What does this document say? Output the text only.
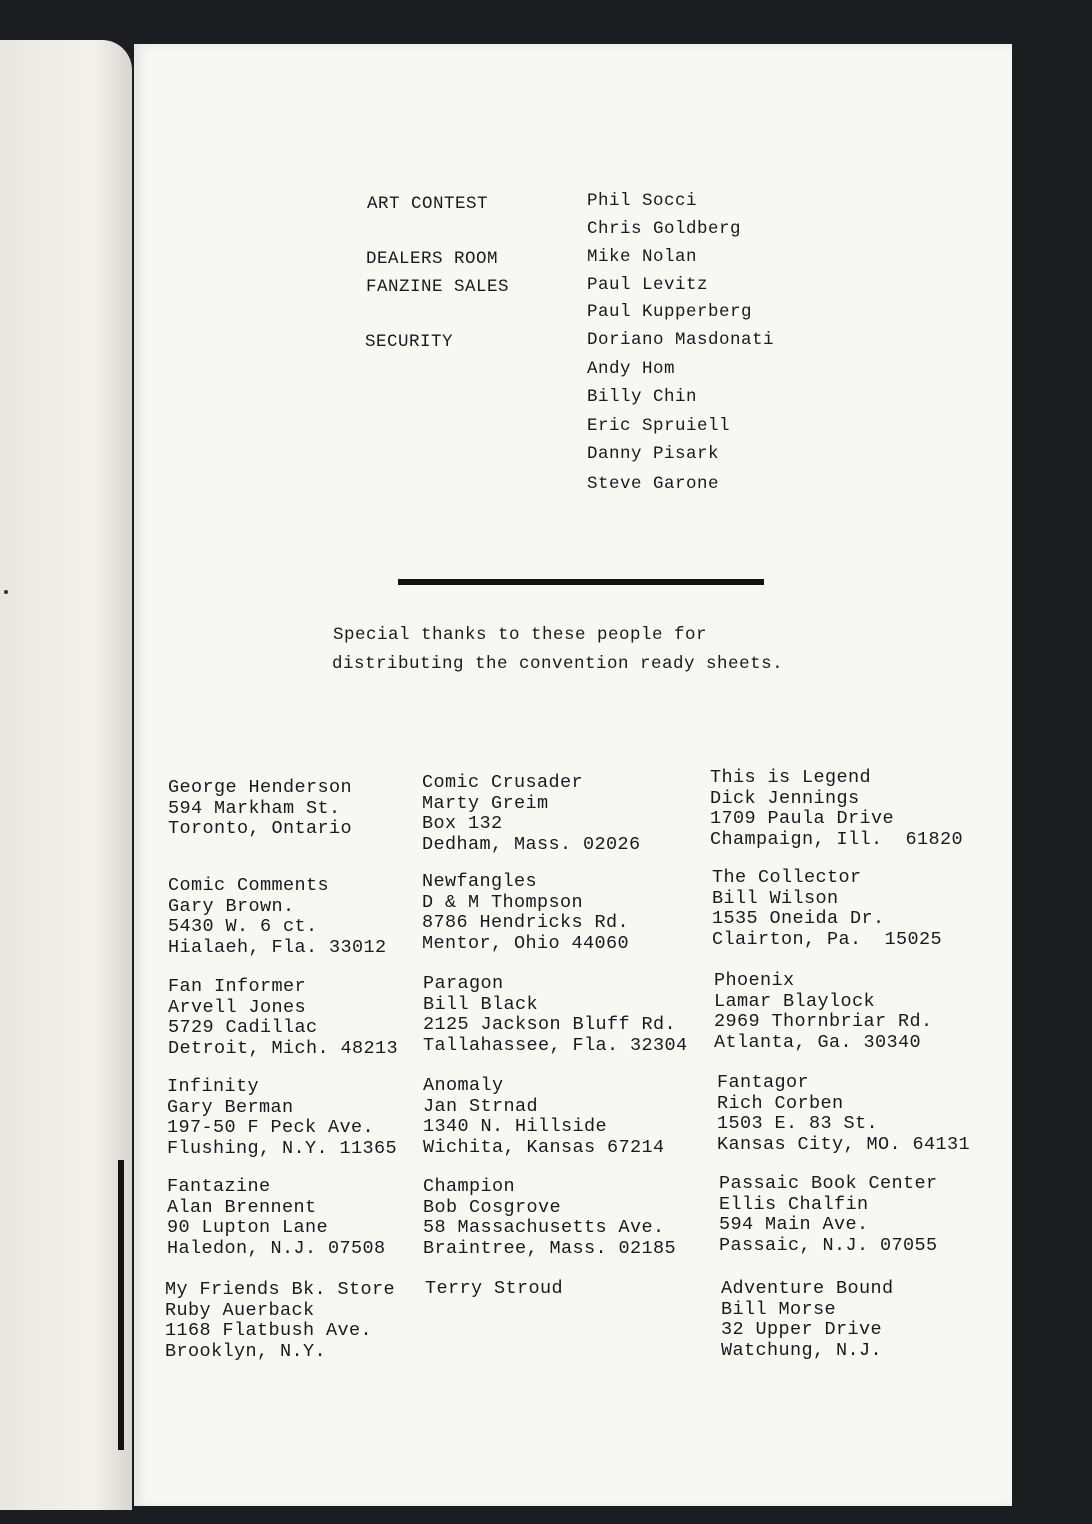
ART CONTEST	Phil Socci
Chris Goldberg
DEALERS ROOM	Mike Nolan
FANZINE SALES	Paul Levitz
Paul Kupperberg
SECURITY	Doriano Masdonati
Andy Hom
Billy Chin
Eric Spruiell
Danny Pisark
Steve Garone
Special thanks to these people for
distributing the convention ready sheets.

George Henderson
594 Markham St.
Toronto, Ontario

Comic Crusader
Marty Greim
Box 132
Dedham, Mass. 02026

This is Legend
Dick Jennings
1709 Paula Drive
Champaign, Ill.  61820

Comic Comments
Gary Brown.
5430 W. 6 ct.
Hialaeh, Fla. 33012

Newfangles
D & M Thompson
8786 Hendricks Rd.
Mentor, Ohio 44060

The Collector
Bill Wilson
1535 Oneida Dr.
Clairton, Pa.  15025

Fan Informer
Arvell Jones
5729 Cadillac
Detroit, Mich. 48213

Paragon
Bill Black
2125 Jackson Bluff Rd.
Tallahassee, Fla. 32304

Phoenix
Lamar Blaylock
2969 Thornbriar Rd.
Atlanta, Ga. 30340

Infinity
Gary Berman
197-50 F Peck Ave.
Flushing, N.Y. 11365

Anomaly
Jan Strnad
1340 N. Hillside
Wichita, Kansas 67214

Fantagor
Rich Corben
1503 E. 83 St.
Kansas City, MO. 64131

Fantazine
Alan Brennent
90 Lupton Lane
Haledon, N.J. 07508

Champion
Bob Cosgrove
58 Massachusetts Ave.
Braintree, Mass. 02185

Passaic Book Center
Ellis Chalfin
594 Main Ave.
Passaic, N.J. 07055

My Friends Bk. Store
Ruby Auerback
1168 Flatbush Ave.
Brooklyn, N.Y.

Terry Stroud

	Adventure Bound
Bill Morse
32 Upper Drive
Watchung, N.J.
